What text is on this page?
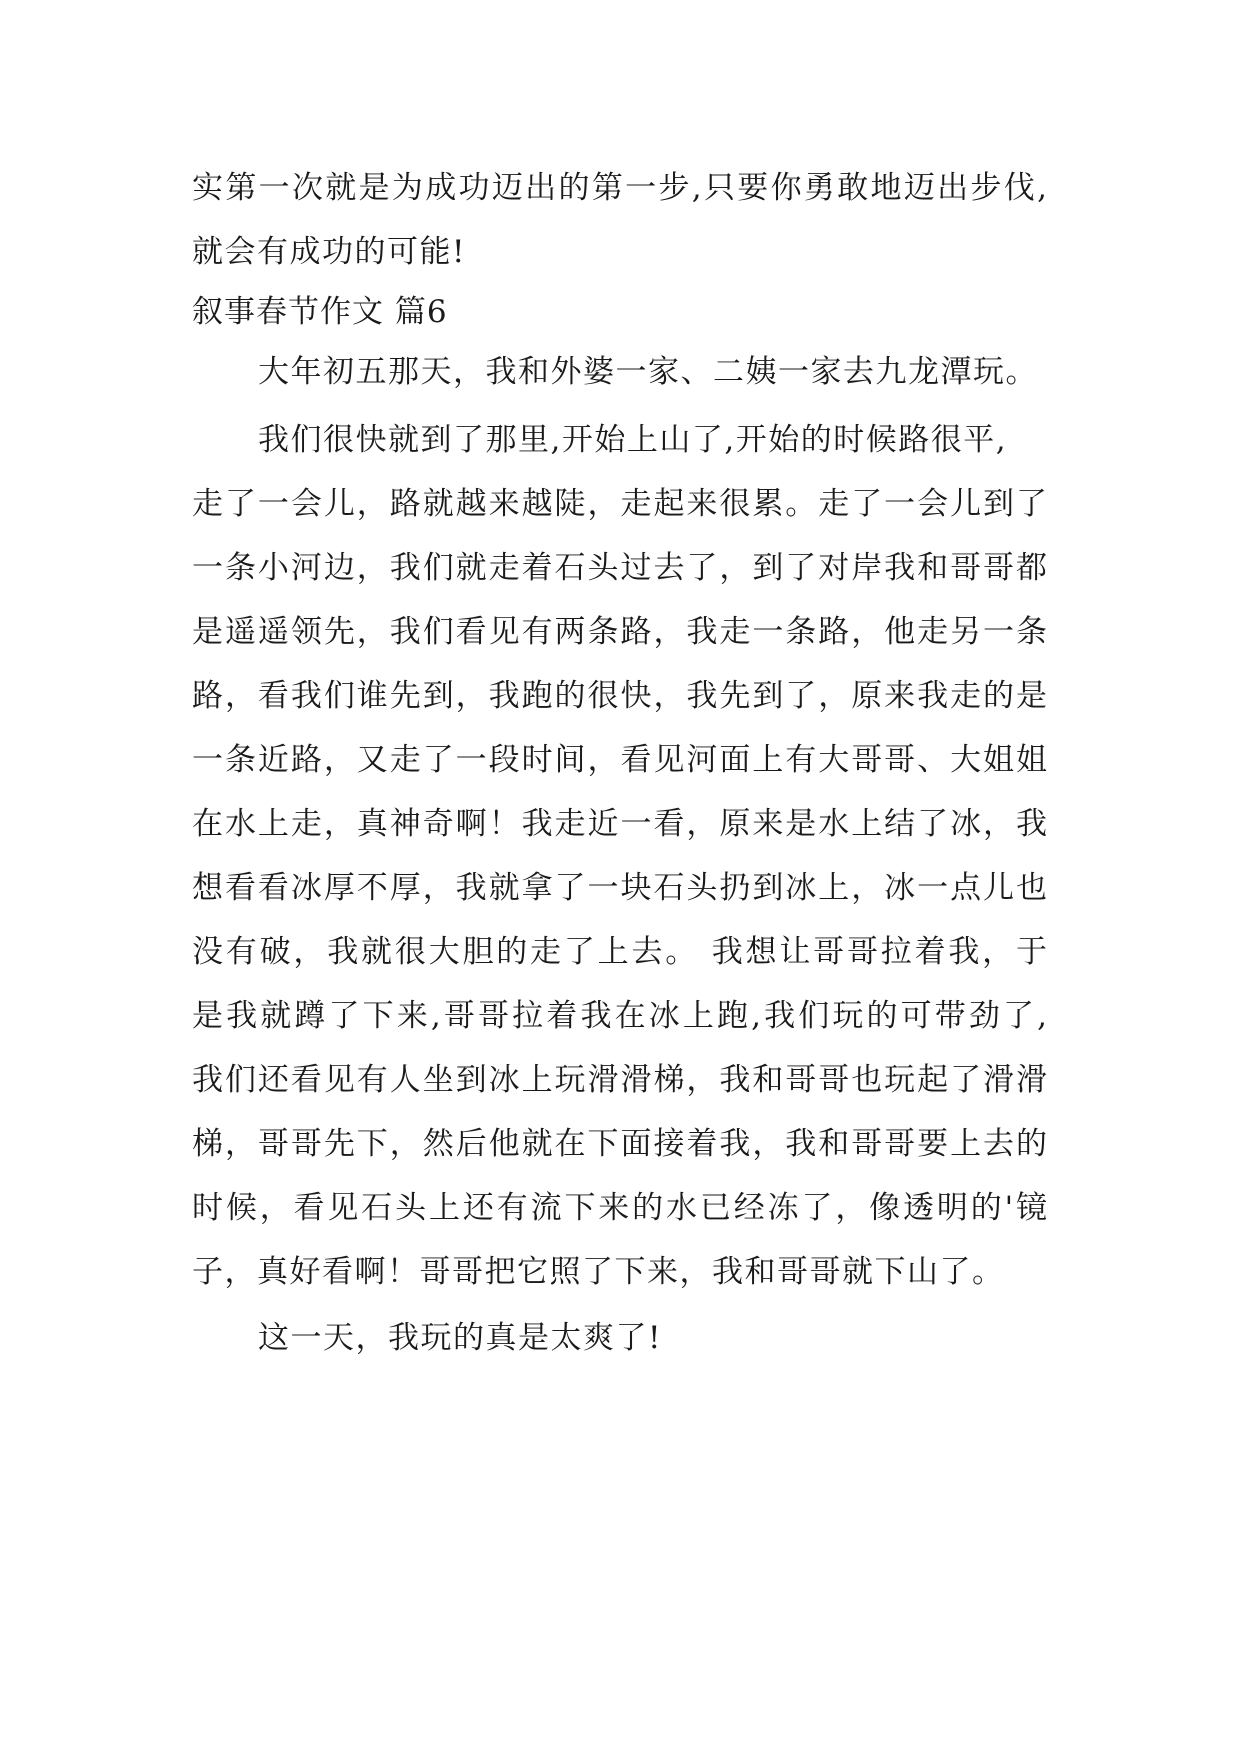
实第一次就是为成功迈出的第一步,只要你勇敢地迈出步伐,
就会有成功的可能!
叙事春节作文 篇6
大年初五那天，我和外婆一家、二姨一家去九龙潭玩。
我们很快就到了那里,开始上山了,开始的时候路很平,
走了一会儿，路就越来越陡，走起来很累。走了一会儿到了
一条小河边，我们就走着石头过去了，到了对岸我和哥哥都
是遥遥领先，我们看见有两条路，我走一条路，他走另一条
路，看我们谁先到，我跑的很快，我先到了，原来我走的是
一条近路，又走了一段时间，看见河面上有大哥哥、大姐姐
在水上走，真神奇啊！我走近一看，原来是水上结了冰，我
想看看冰厚不厚，我就拿了一块石头扔到冰上，冰一点儿也
没有破，我就很大胆的走了上去。 我想让哥哥拉着我，于
是我就蹲了下来,哥哥拉着我在冰上跑,我们玩的可带劲了,
我们还看见有人坐到冰上玩滑滑梯，我和哥哥也玩起了滑滑
梯，哥哥先下，然后他就在下面接着我，我和哥哥要上去的
时候，看见石头上还有流下来的水已经冻了，像透明的'镜
子，真好看啊！哥哥把它照了下来，我和哥哥就下山了。
这一天，我玩的真是太爽了!
